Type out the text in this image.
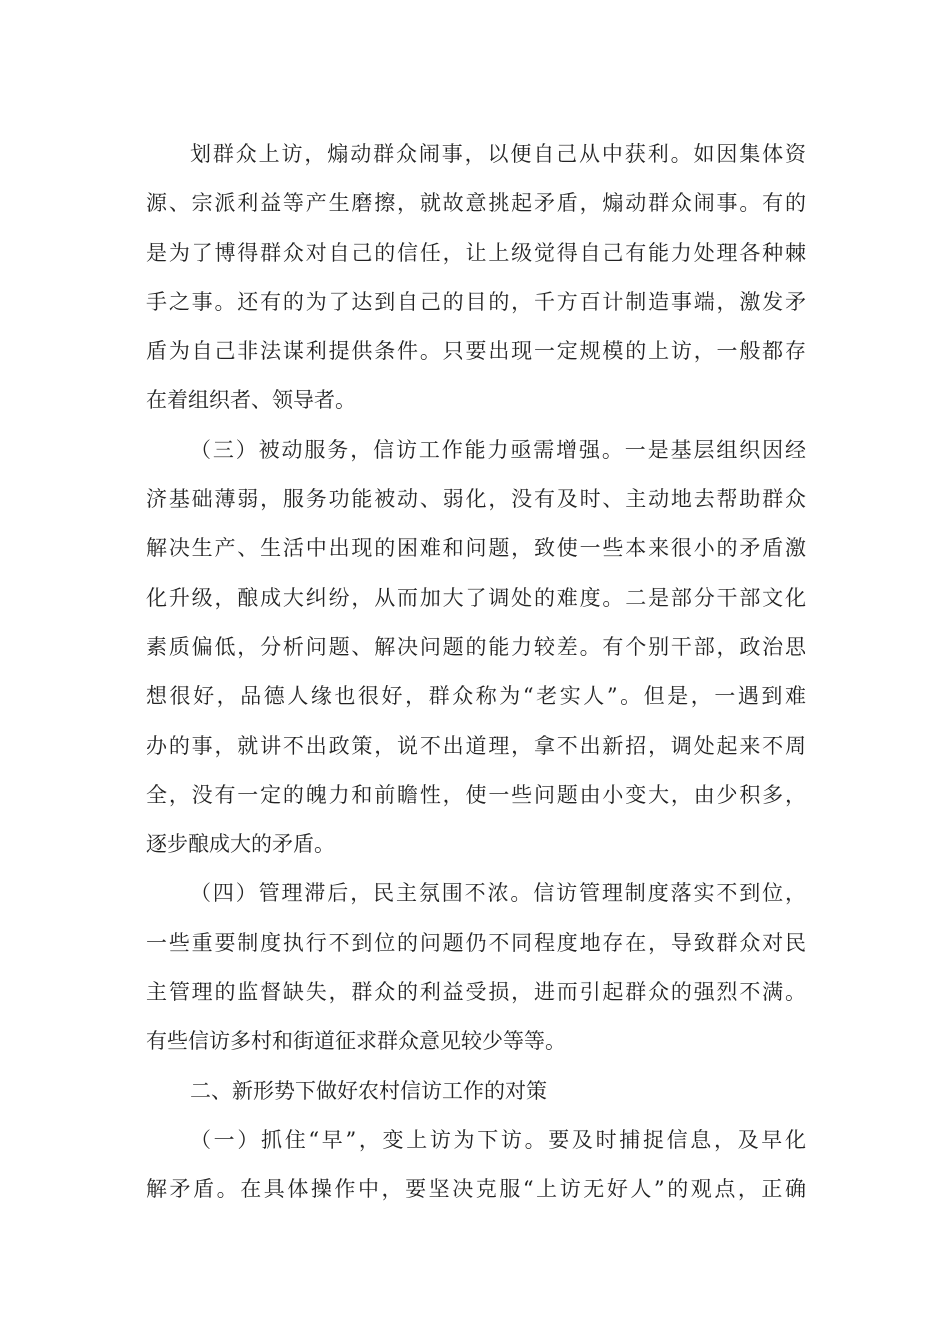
划群众上访，煽动群众闹事，以便自己从中获利。如因集体资
源、宗派利益等产生磨擦，就故意挑起矛盾，煽动群众闹事。有的
是为了博得群众对自己的信任，让上级觉得自己有能力处理各种棘
手之事。还有的为了达到自己的目的，千方百计制造事端，激发矛
盾为自己非法谋利提供条件。只要出现一定规模的上访，一般都存
在着组织者、领导者。
（三）被动服务，信访工作能力亟需增强。一是基层组织因经
济基础薄弱，服务功能被动、弱化，没有及时、主动地去帮助群众
解决生产、生活中出现的困难和问题，致使一些本来很小的矛盾激
化升级，酿成大纠纷，从而加大了调处的难度。二是部分干部文化
素质偏低，分析问题、解决问题的能力较差。有个别干部，政治思
想很好，品德人缘也很好，群众称为“老实人”。但是，一遇到难
办的事，就讲不出政策，说不出道理，拿不出新招，调处起来不周
全，没有一定的魄力和前瞻性，使一些问题由小变大，由少积多，
逐步酿成大的矛盾。
（四）管理滞后，民主氛围不浓。信访管理制度落实不到位，
一些重要制度执行不到位的问题仍不同程度地存在，导致群众对民
主管理的监督缺失，群众的利益受损，进而引起群众的强烈不满。
有些信访多村和街道征求群众意见较少等等。
二、新形势下做好农村信访工作的对策
（一）抓住“早”，变上访为下访。要及时捕捉信息，及早化
解矛盾。在具体操作中，要坚决克服“上访无好人”的观点，正确
